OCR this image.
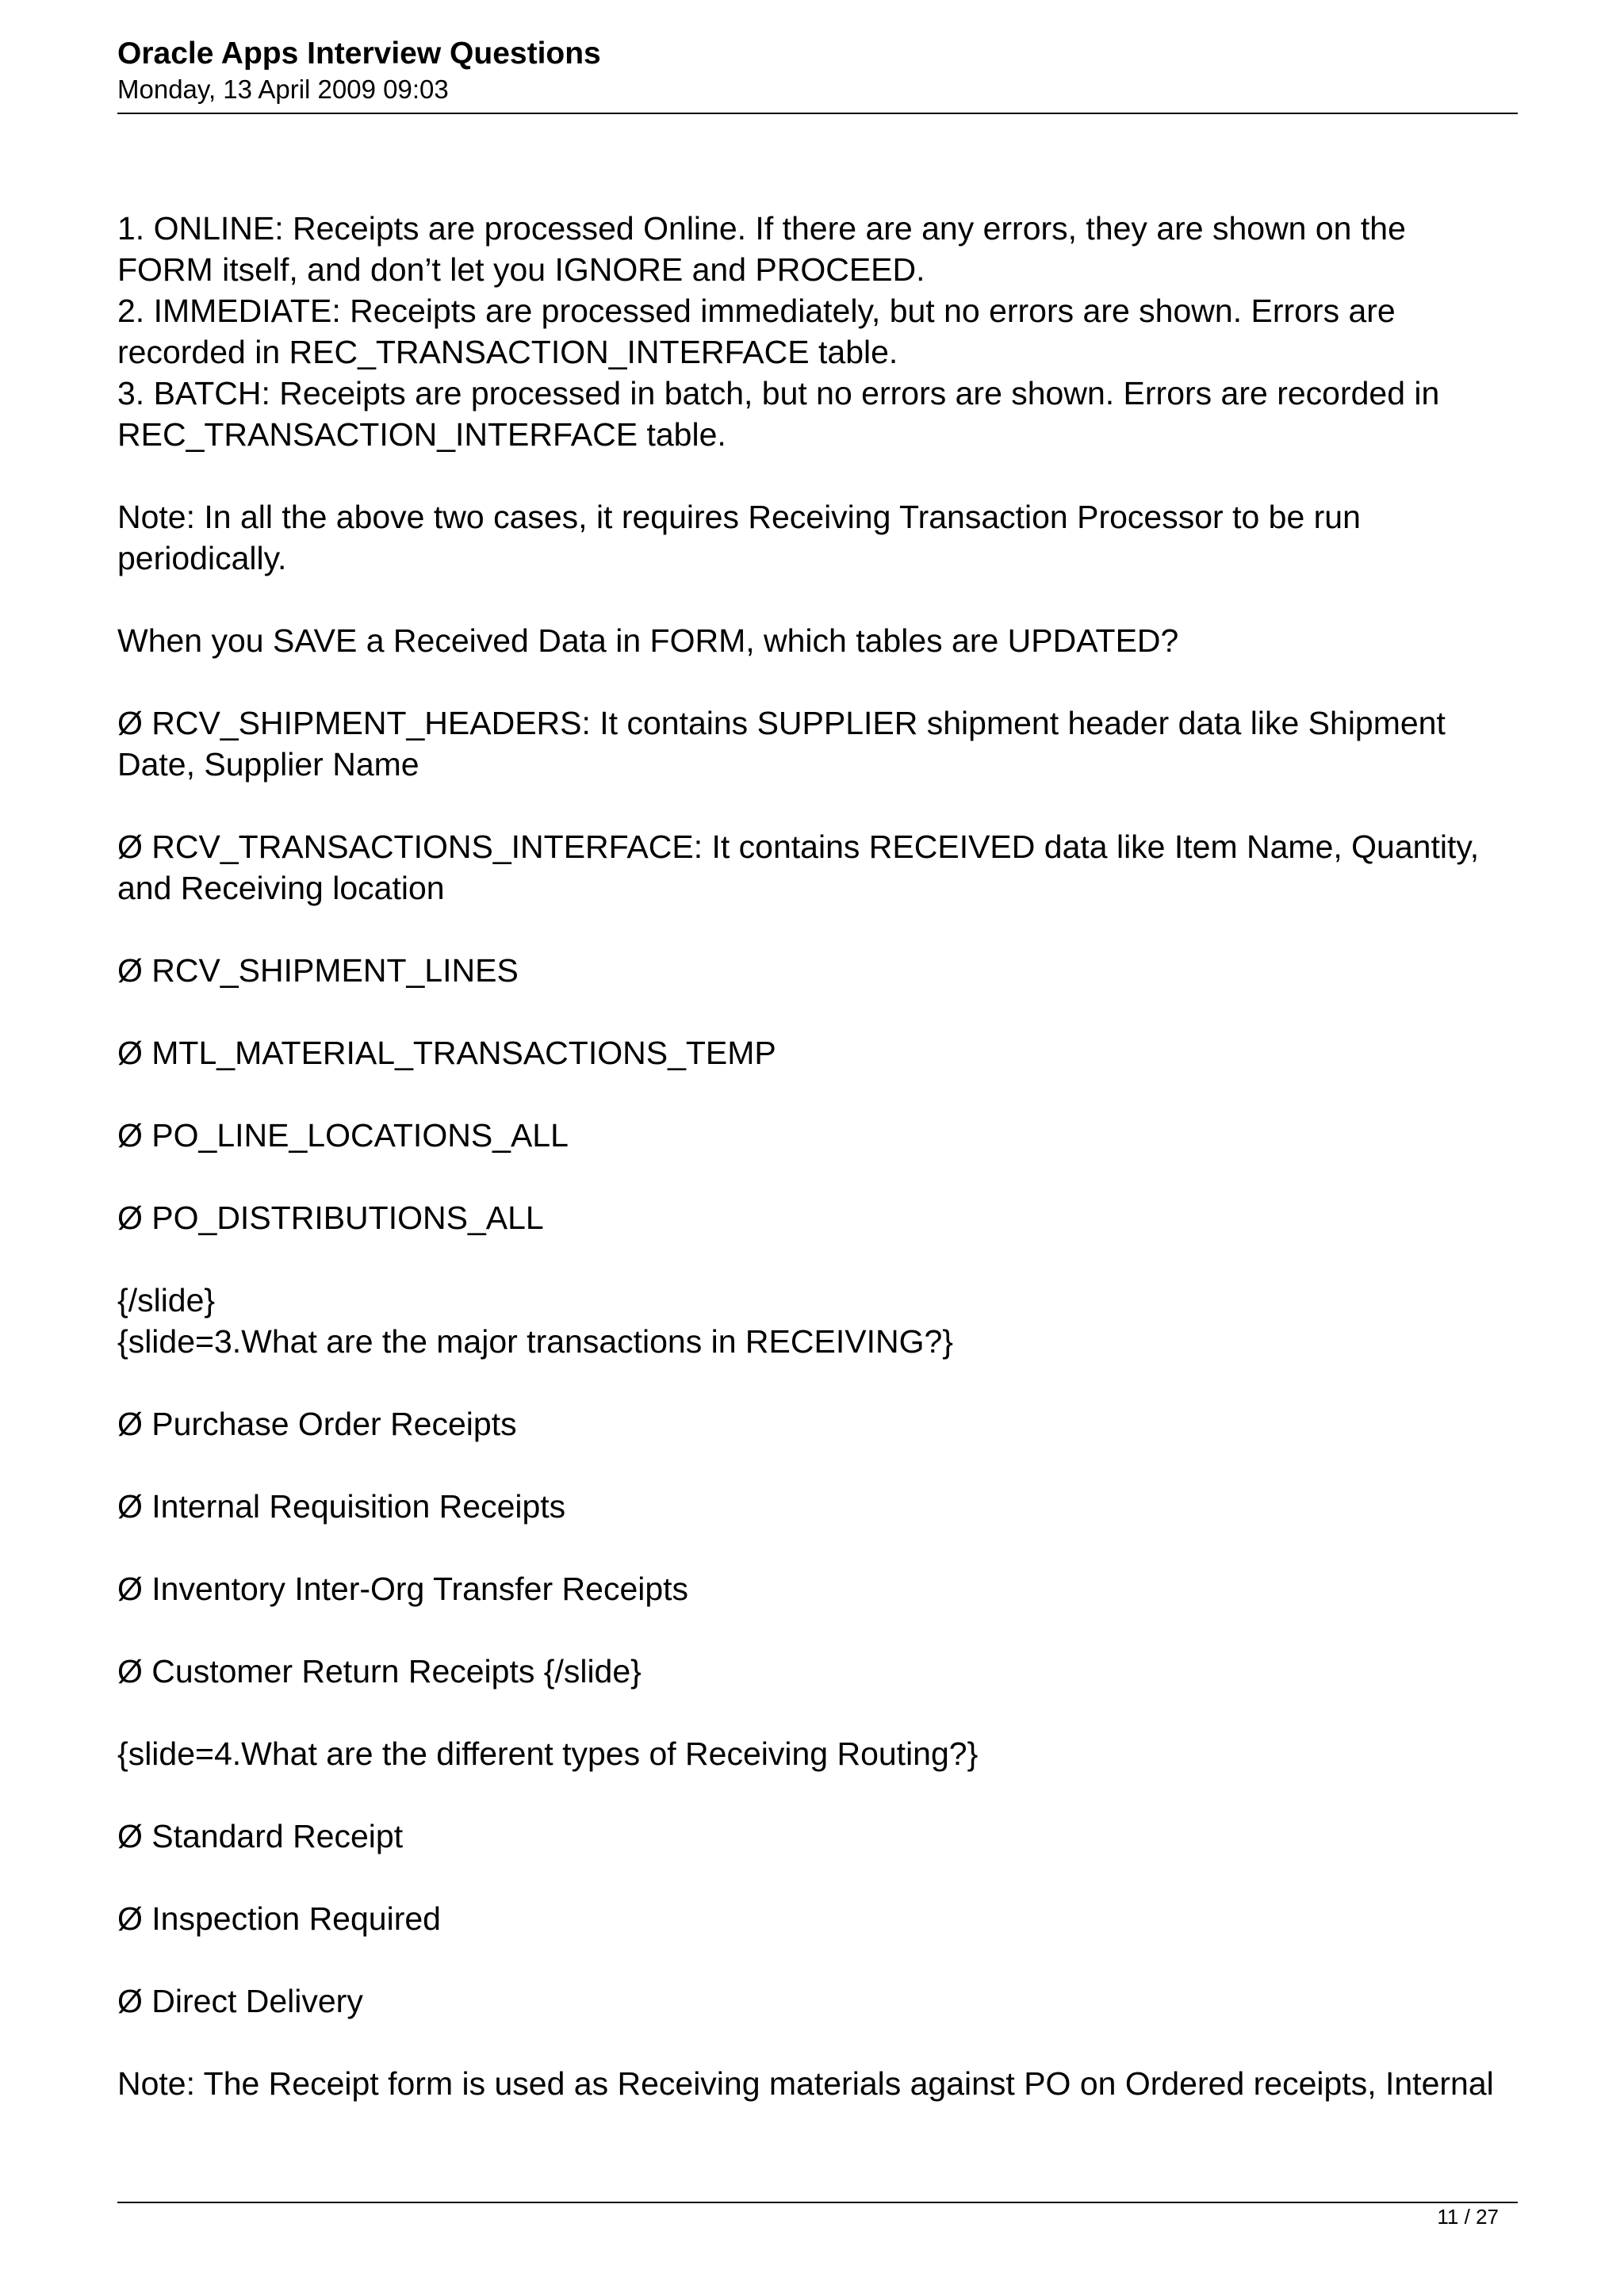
Oracle Apps Interview Questions
Monday, 13 April 2009 09:03
1. ONLINE: Receipts are processed Online. If there are any errors, they are shown on the
FORM itself, and don’t let you IGNORE and PROCEED.
2. IMMEDIATE: Receipts are processed immediately, but no errors are shown. Errors are
recorded in REC_TRANSACTION_INTERFACE table.
3. BATCH: Receipts are processed in batch, but no errors are shown. Errors are recorded in
REC_TRANSACTION_INTERFACE table.
Note: In all the above two cases, it requires Receiving Transaction Processor to be run
periodically.
When you SAVE a Received Data in FORM, which tables are UPDATED?
Ø RCV_SHIPMENT_HEADERS: It contains SUPPLIER shipment header data like Shipment
Date, Supplier Name
Ø RCV_TRANSACTIONS_INTERFACE: It contains RECEIVED data like Item Name, Quantity,
and Receiving location
Ø RCV_SHIPMENT_LINES
Ø MTL_MATERIAL_TRANSACTIONS_TEMP
Ø PO_LINE_LOCATIONS_ALL
Ø PO_DISTRIBUTIONS_ALL
{/slide}
{slide=3.What are the major transactions in RECEIVING?}
Ø Purchase Order Receipts
Ø Internal Requisition Receipts
Ø Inventory Inter-Org Transfer Receipts
Ø Customer Return Receipts {/slide}
{slide=4.What are the different types of Receiving Routing?}
Ø Standard Receipt
Ø Inspection Required
Ø Direct Delivery
Note: The Receipt form is used as Receiving materials against PO on Ordered receipts, Internal
11 / 27
